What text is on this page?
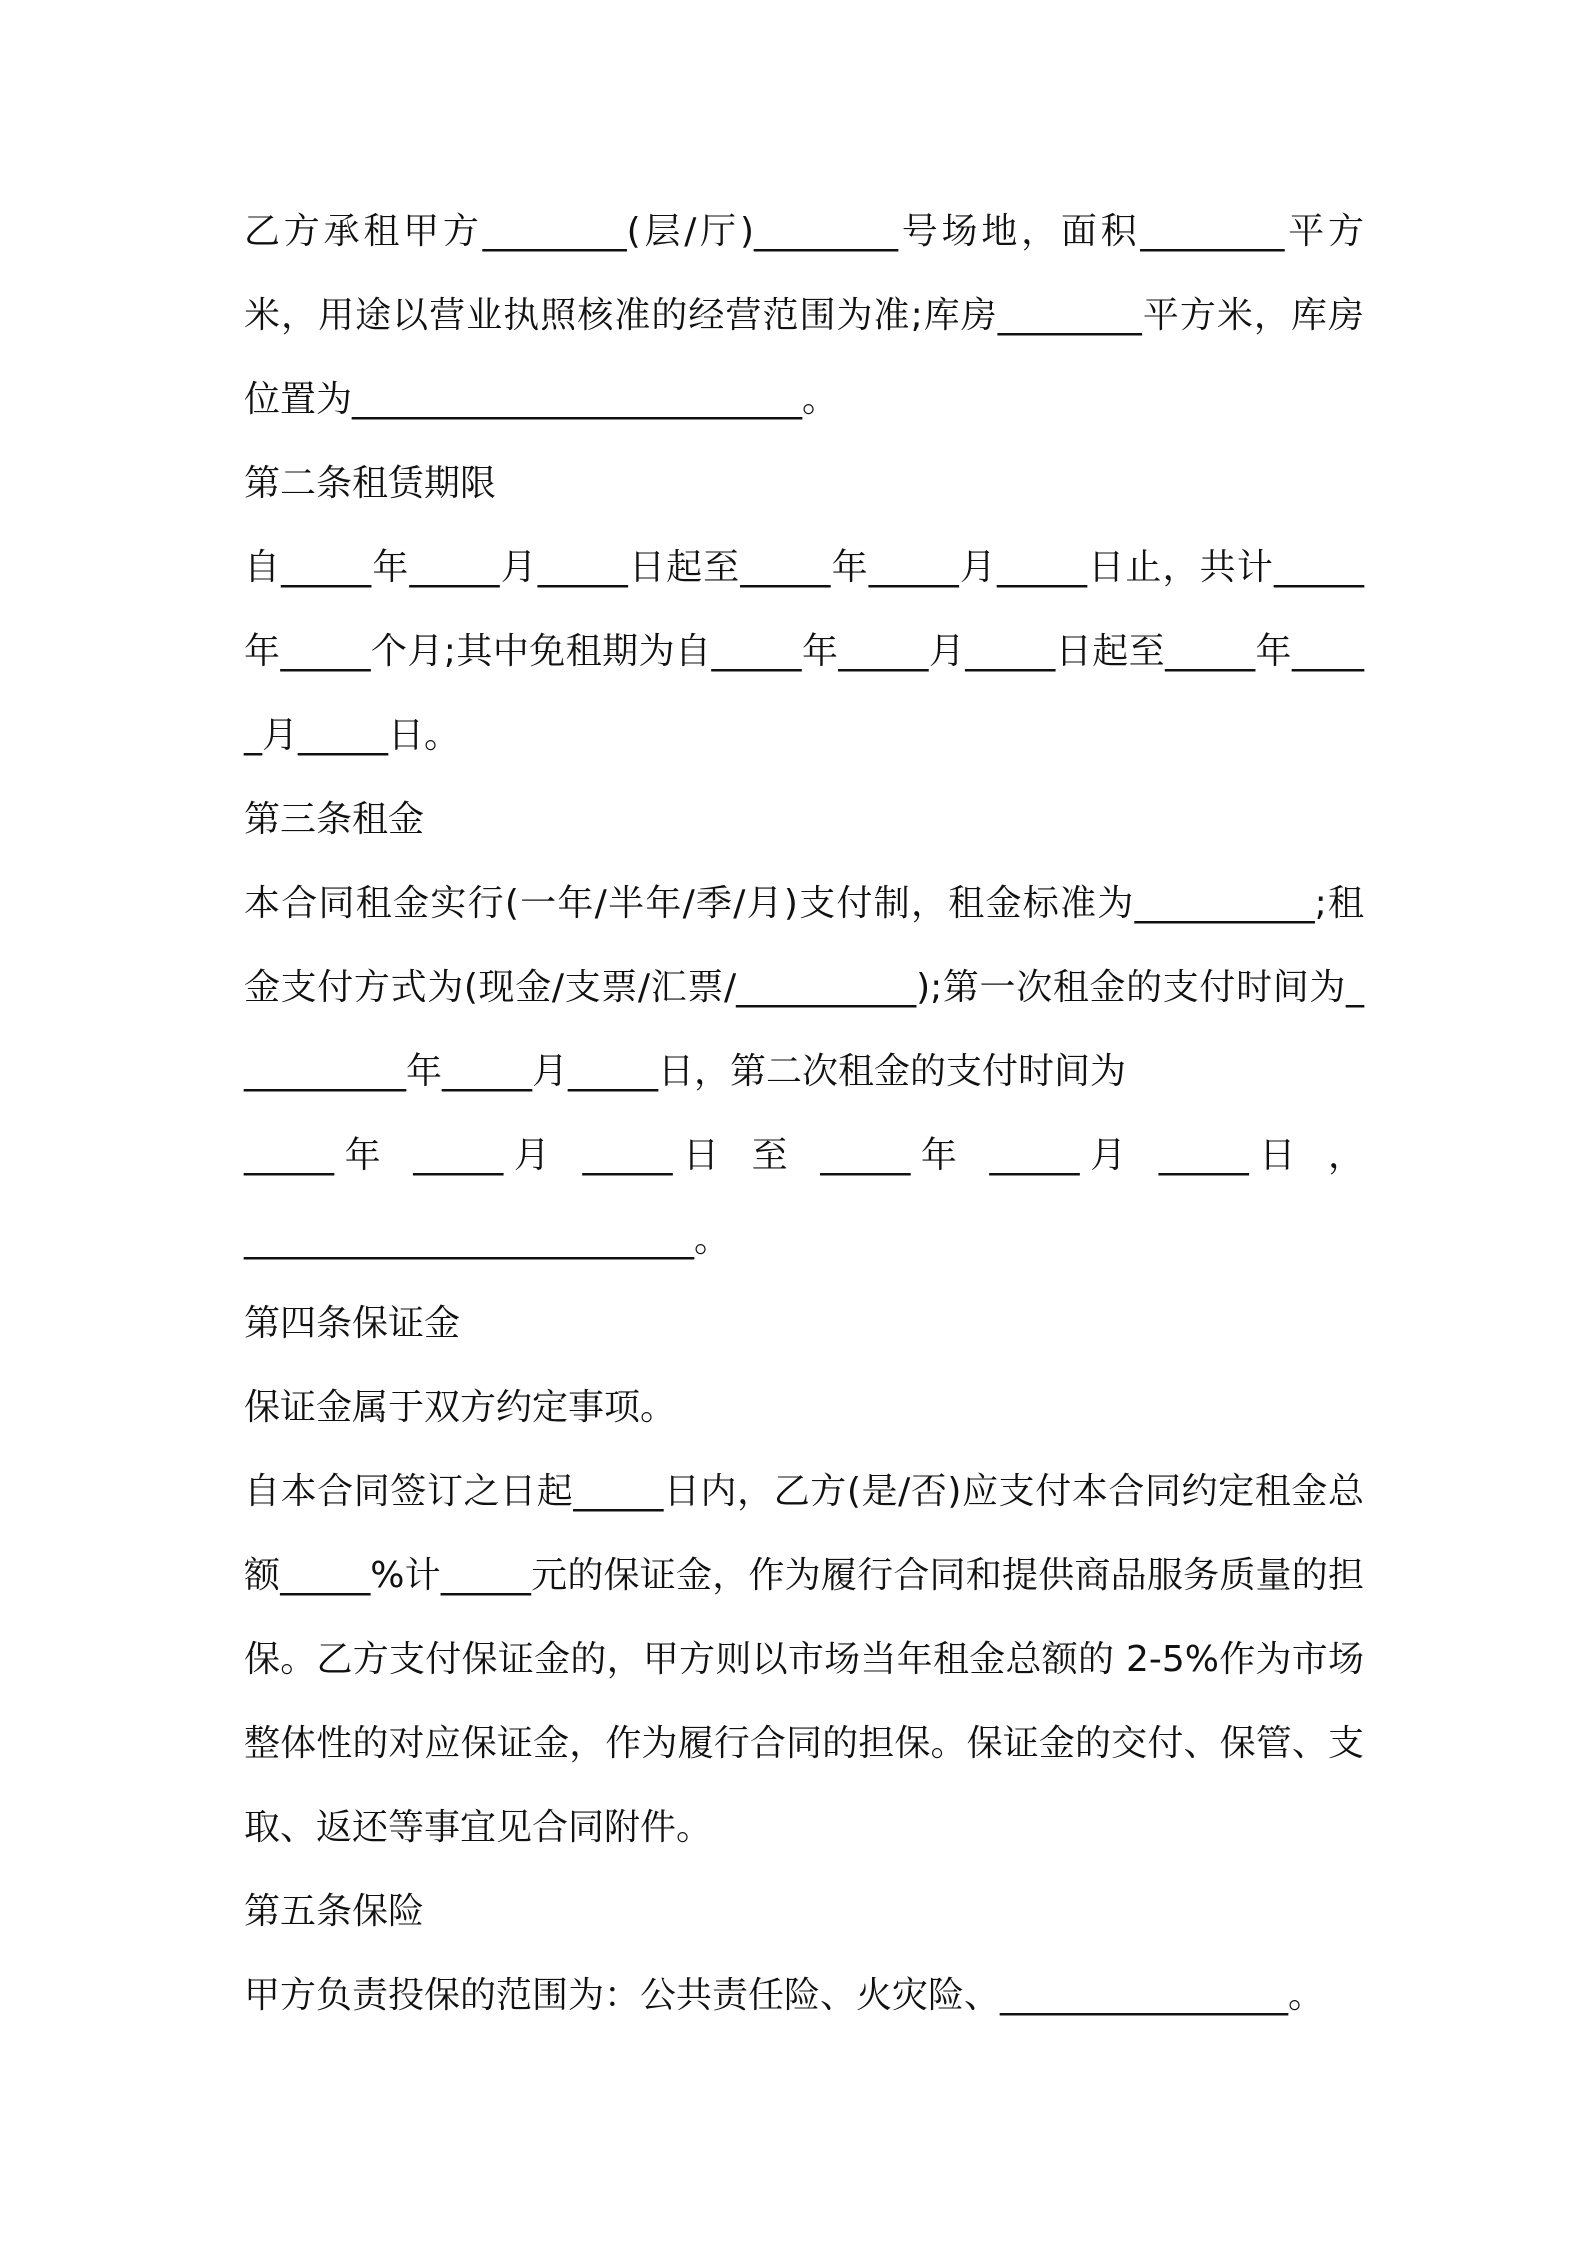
乙方承租甲方________(层/厅)________号场地，面积________平方米，用途以营业执照核准的经营范围为准;库房________平方米，库房位置为_________________________。

第二条租赁期限

自_____年_____月_____日起至_____年_____月_____日止，共计_____年_____个月;其中免租期为自_____年_____月_____日起至_____年_____月_____日。

第三条租金

本合同租金实行(一年/半年/季/月)支付制，租金标准为__________;租金支付方式为(现金/支票/汇票/__________);第一次租金的支付时间为__________年_____月_____日，第二次租金的支付时间为

_____年 _____月 _____日 至 _____年 _____月 _____日 ，

_________________________。

第四条保证金

保证金属于双方约定事项。

自本合同签订之日起_____日内，乙方(是/否)应支付本合同约定租金总额_____%计_____元的保证金，作为履行合同和提供商品服务质量的担保。乙方支付保证金的，甲方则以市场当年租金总额的 2-5%作为市场整体性的对应保证金，作为履行合同的担保。保证金的交付、保管、支取、返还等事宜见合同附件。

第五条保险

甲方负责投保的范围为：公共责任险、火灾险、________________。
